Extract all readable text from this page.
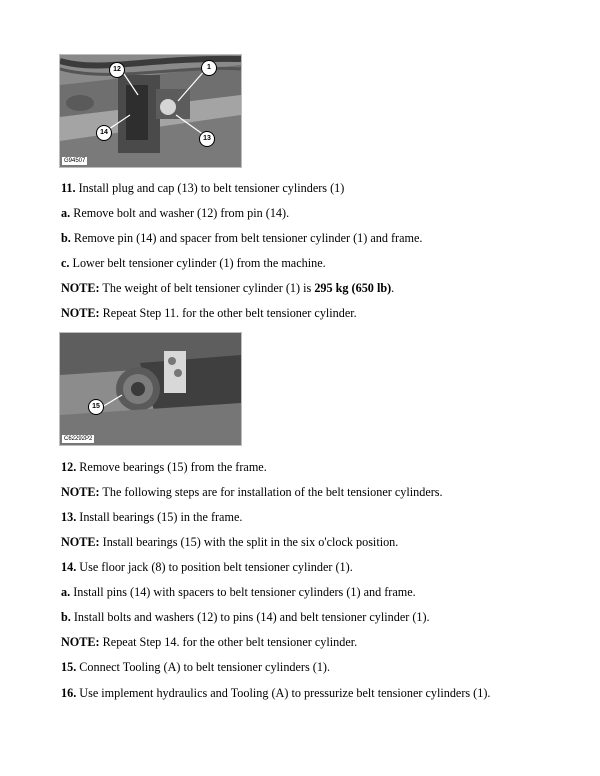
12	1
14
13
G94507

11. Install plug and cap (13) to belt tensioner cylinders (1)

a. Remove bolt and washer (12) from pin (14).

b. Remove pin (14) and spacer from belt tensioner cylinder (1) and frame.

c. Lower belt tensioner cylinder (1) from the machine.

NOTE: The weight of belt tensioner cylinder (1) is 295 kg (650 lb).

NOTE: Repeat Step 11. for the other belt tensioner cylinder.

15
C62292P2

12. Remove bearings (15) from the frame.

NOTE: The following steps are for installation of the belt tensioner cylinders.

13. Install bearings (15) in the frame.

NOTE: Install bearings (15) with the split in the six o'clock position.

14. Use floor jack (8) to position belt tensioner cylinder (1).

a. Install pins (14) with spacers to belt tensioner cylinders (1) and frame.

b. Install bolts and washers (12) to pins (14) and belt tensioner cylinder (1).

NOTE: Repeat Step 14. for the other belt tensioner cylinder.

15. Connect Tooling (A) to belt tensioner cylinders (1).

16. Use implement hydraulics and Tooling (A) to pressurize belt tensioner cylinders (1).
